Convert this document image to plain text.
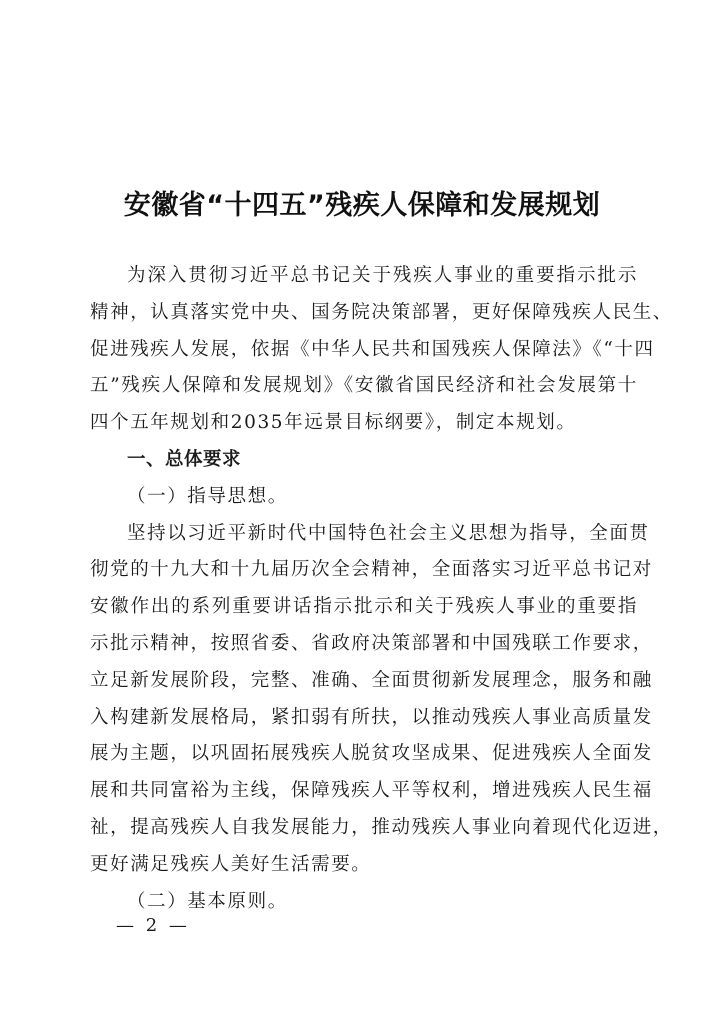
安徽省“十四五”残疾人保障和发展规划
为深入贯彻习近平总书记关于残疾人事业的重要指示批示
精神，认真落实党中央、国务院决策部署，更好保障残疾人民生、
促进残疾人发展，依据《中华人民共和国残疾人保障法》《“十四
五”残疾人保障和发展规划》《安徽省国民经济和社会发展第十
四个五年规划和2035年远景目标纲要》，制定本规划。
一、总体要求
（一）指导思想。
坚持以习近平新时代中国特色社会主义思想为指导，全面贯
彻党的十九大和十九届历次全会精神，全面落实习近平总书记对
安徽作出的系列重要讲话指示批示和关于残疾人事业的重要指
示批示精神，按照省委、省政府决策部署和中国残联工作要求，
立足新发展阶段，完整、准确、全面贯彻新发展理念，服务和融
入构建新发展格局，紧扣弱有所扶，以推动残疾人事业高质量发
展为主题，以巩固拓展残疾人脱贫攻坚成果、促进残疾人全面发
展和共同富裕为主线，保障残疾人平等权利，增进残疾人民生福
祉，提高残疾人自我发展能力，推动残疾人事业向着现代化迈进，
更好满足残疾人美好生活需要。
（二）基本原则。
— 2 —
